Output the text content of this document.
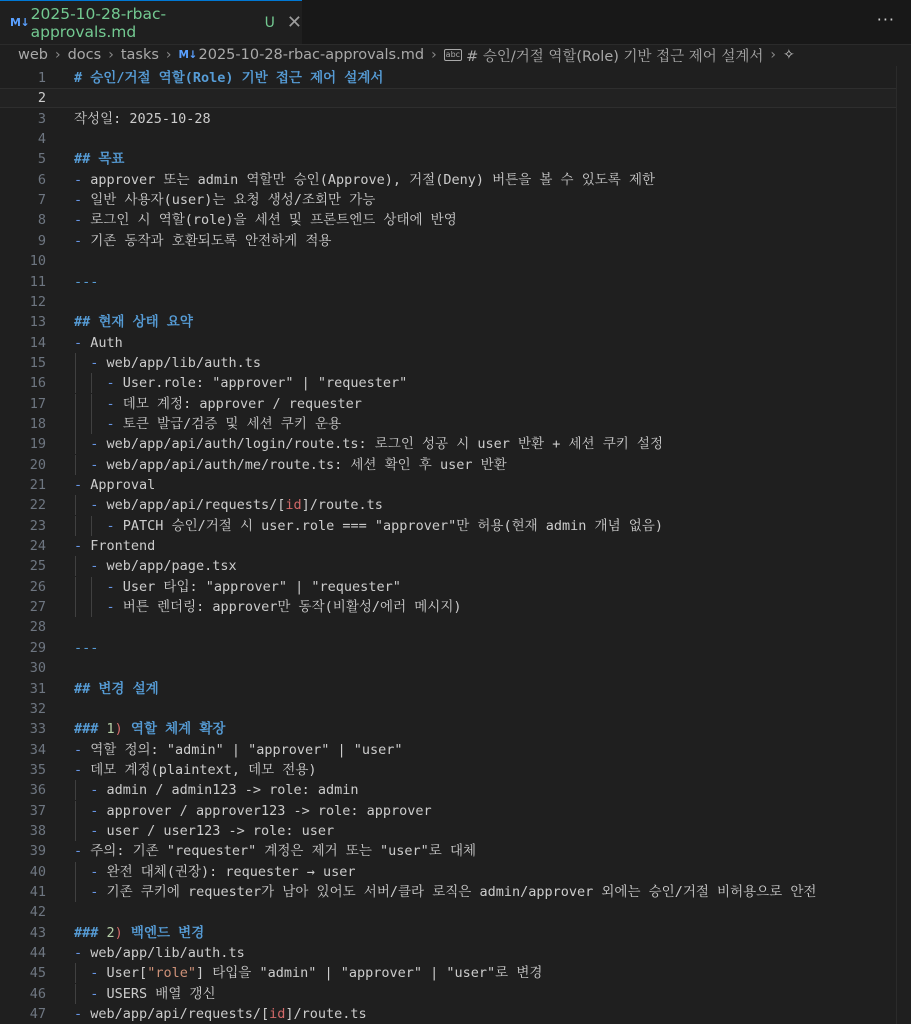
M↓ 2025-10-28-rbac-approvals.md	U ✕	···
web › docs › tasks › M↓ 2025-10-28-rbac-approvals.md › abc # 승인/거절 역할(Role) 기반 접근 제어 설계서 › ✧
1 # 승인/거절 역할(Role) 기반 접근 제어 설계서
2
3 작성일: 2025-10-28
4
5 ## 목표
6 - approver 또는 admin 역할만 승인(Approve), 거절(Deny) 버튼을 볼 수 있도록 제한
7 - 일반 사용자(user)는 요청 생성/조회만 가능
8 - 로그인 시 역할(role)을 세션 및 프론트엔드 상태에 반영
9 - 기존 동작과 호환되도록 안전하게 적용
10
11 ---
12
13 ## 현재 상태 요약
14 - Auth
15	- web/app/lib/auth.ts
16	- User.role: "approver" | "requester"
17	- 데모 계정: approver / requester
18	- 토큰 발급/검증 및 세션 쿠키 운용
19	- web/app/api/auth/login/route.ts: 로그인 성공 시 user 반환 + 세션 쿠키 설정
20	- web/app/api/auth/me/route.ts: 세션 확인 후 user 반환
21 - Approval
22	- web/app/api/requests/[id]/route.ts
23	- PATCH 승인/거절 시 user.role === "approver"만 허용(현재 admin 개념 없음)
24 - Frontend
25	- web/app/page.tsx
26	- User 타입: "approver" | "requester"
27	- 버튼 렌더링: approver만 동작(비활성/에러 메시지)
28
29 ---
30
31 ## 변경 설계
32
33 ### 1) 역할 체계 확장
34 - 역할 정의: "admin" | "approver" | "user"
35 - 데모 계정(plaintext, 데모 전용)
36	- admin / admin123 -> role: admin
37	- approver / approver123 -> role: approver
38	- user / user123 -> role: user
39 - 주의: 기존 "requester" 계정은 제거 또는 "user"로 대체
40	- 완전 대체(권장): requester → user
41	- 기존 쿠키에 requester가 남아 있어도 서버/클라 로직은 admin/approver 외에는 승인/거절 비허용으로 안전
42
43 ### 2) 백엔드 변경
44 - web/app/lib/auth.ts
45	- User["role"] 타입을 "admin" | "approver" | "user"로 변경
46	- USERS 배열 갱신
47 - web/app/api/requests/[id]/route.ts
